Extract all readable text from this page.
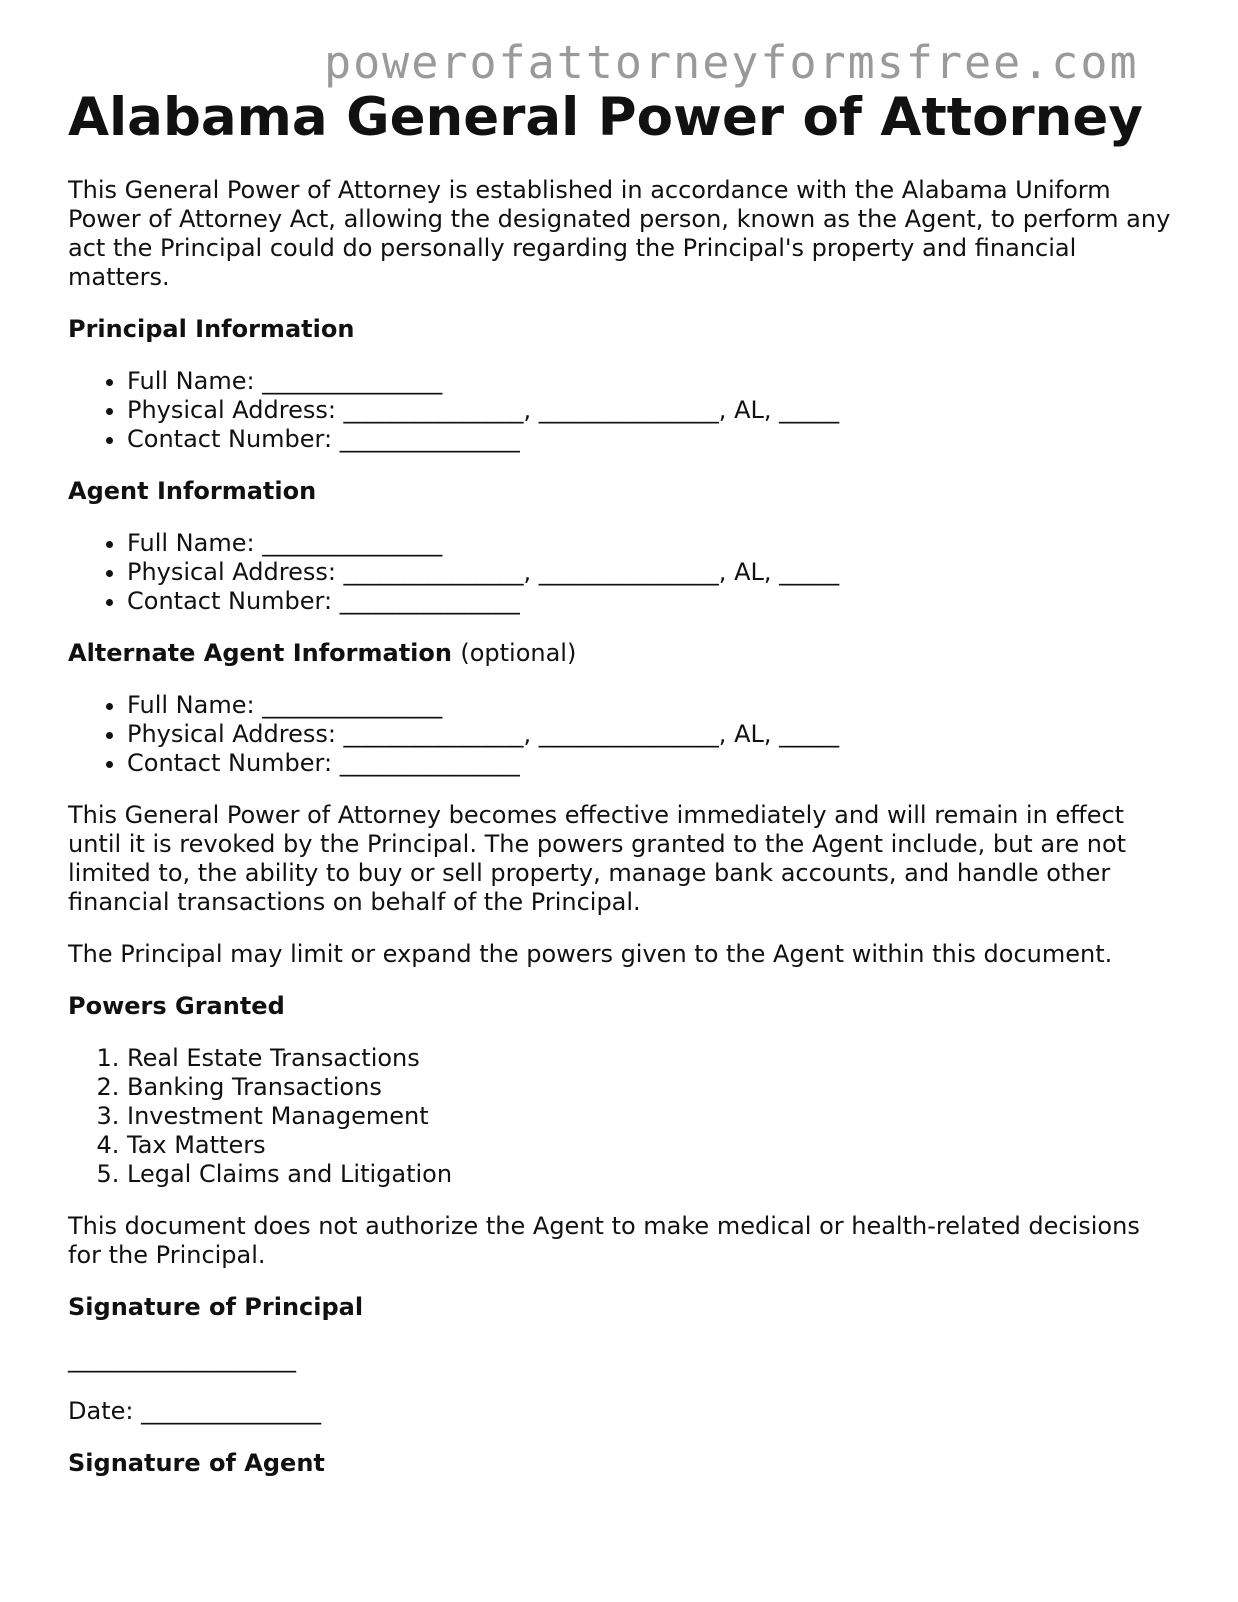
powerofattorneyformsfree.com
Alabama General Power of Attorney

This General Power of Attorney is established in accordance with the Alabama Uniform Power of Attorney Act, allowing the designated person, known as the Agent, to perform any act the Principal could do personally regarding the Principal's property and financial matters.

Principal Information
• Full Name: _______________
• Physical Address: _______________, _______________, AL, _____
• Contact Number: _______________
Agent Information
• Full Name: _______________
• Physical Address: _______________, _______________, AL, _____
• Contact Number: _______________
Alternate Agent Information (optional)
• Full Name: _______________
• Physical Address: _______________, _______________, AL, _____
• Contact Number: _______________

This General Power of Attorney becomes effective immediately and will remain in effect until it is revoked by the Principal. The powers granted to the Agent include, but are not limited to, the ability to buy or sell property, manage bank accounts, and handle other financial transactions on behalf of the Principal.

The Principal may limit or expand the powers given to the Agent within this document.

Powers Granted
1. Real Estate Transactions
2. Banking Transactions
3. Investment Management
4. Tax Matters
5. Legal Claims and Litigation

This document does not authorize the Agent to make medical or health-related decisions for the Principal.

Signature of Principal

___________________

Date: _______________

Signature of Agent
